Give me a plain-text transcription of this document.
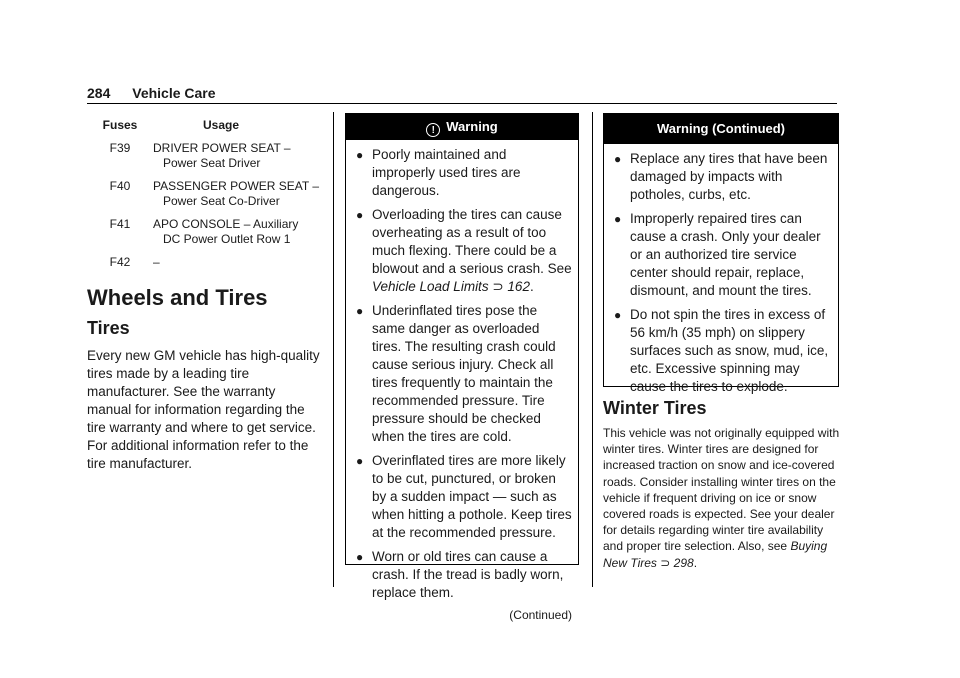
284 Vehicle Care
Fuses	Usage
F39	DRIVER POWER SEAT –
Power Seat Driver
F40	PASSENGER POWER SEAT –
Power Seat Co-Driver
F41	APO CONSOLE – Auxiliary
DC Power Outlet Row 1
F42	–
Wheels and Tires
Tires
Every new GM vehicle has high-quality tires made by a leading tire manufacturer. See the warranty manual for information regarding the tire warranty and where to get service. For additional information refer to the tire manufacturer.
! Warning
● Poorly maintained and improperly used tires are dangerous.
● Overloading the tires can cause overheating as a result of too much flexing. There could be a blowout and a serious crash. See Vehicle Load Limits ⊃ 162.
● Underinflated tires pose the same danger as overloaded tires. The resulting crash could cause serious injury. Check all tires frequently to maintain the recommended pressure. Tire pressure should be checked when the tires are cold.
● Overinflated tires are more likely to be cut, punctured, or broken by a sudden impact — such as when hitting a pothole. Keep tires at the recommended pressure.
● Worn or old tires can cause a crash. If the tread is badly worn, replace them.
(Continued)
Warning (Continued)
● Replace any tires that have been damaged by impacts with potholes, curbs, etc.
● Improperly repaired tires can cause a crash. Only your dealer or an authorized tire service center should repair, replace, dismount, and mount the tires.
● Do not spin the tires in excess of 56 km/h (35 mph) on slippery surfaces such as snow, mud, ice, etc. Excessive spinning may cause the tires to explode.
Winter Tires
This vehicle was not originally equipped with winter tires. Winter tires are designed for increased traction on snow and ice-covered roads. Consider installing winter tires on the vehicle if frequent driving on ice or snow covered roads is expected. See your dealer for details regarding winter tire availability and proper tire selection. Also, see Buying New Tires ⊃ 298.
